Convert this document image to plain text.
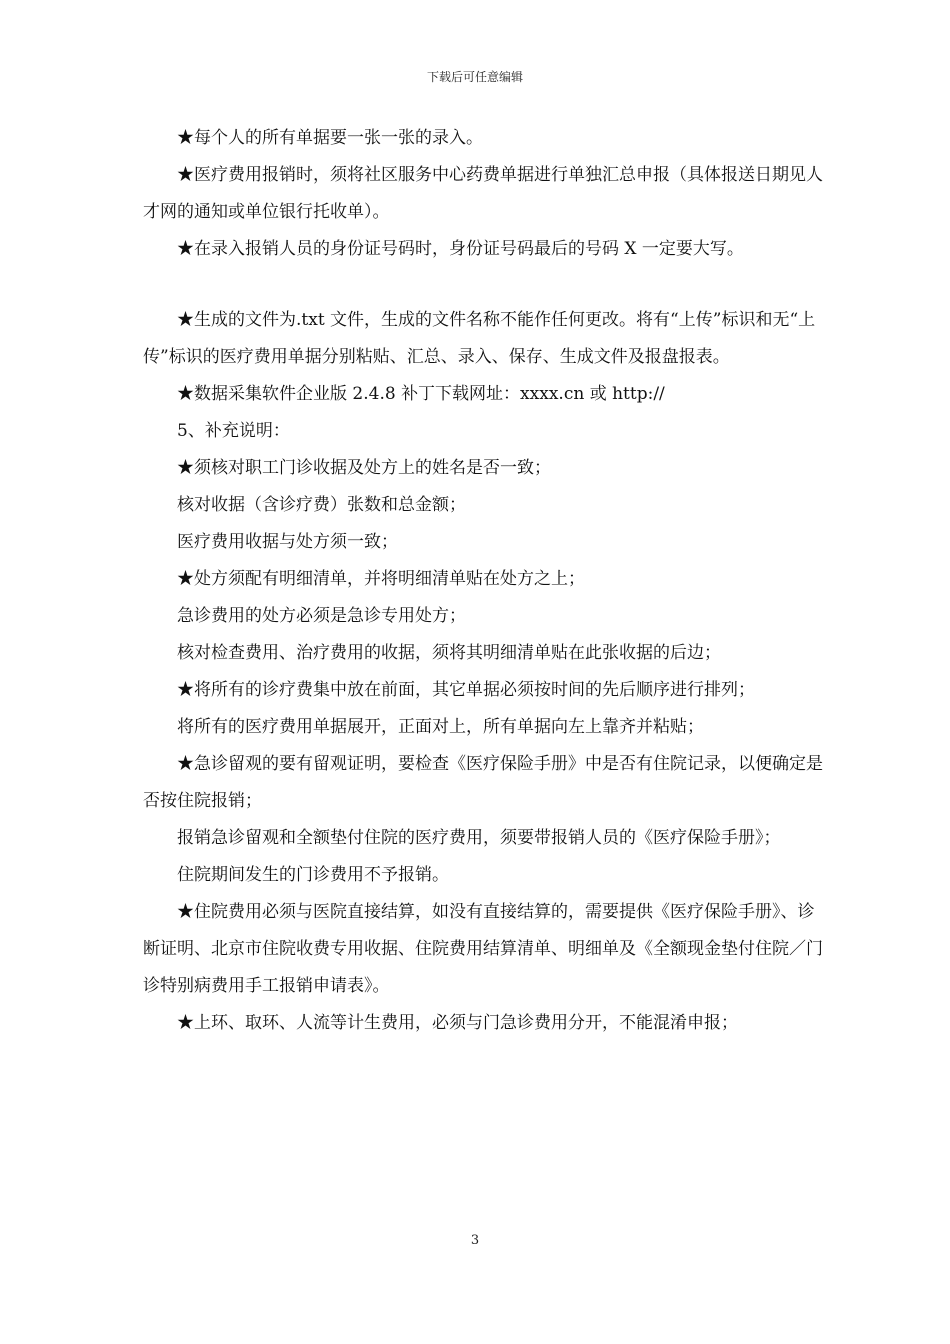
下载后可任意编辑

★每个人的所有单据要一张一张的录入。

★医疗费用报销时，须将社区服务中心药费单据进行单独汇总申报（具体报送日期见人才网的通知或单位银行托收单）。

★在录入报销人员的身份证号码时，身份证号码最后的号码 X 一定要大写。

★生成的文件为.txt 文件，生成的文件名称不能作任何更改。将有“上传”标识和无“上传”标识的医疗费用单据分别粘贴、汇总、录入、保存、生成文件及报盘报表。

★数据采集软件企业版 2.4.8 补丁下载网址：xxxx.cn 或 http://

5、补充说明：

★须核对职工门诊收据及处方上的姓名是否一致；

核对收据（含诊疗费）张数和总金额；

医疗费用收据与处方须一致；

★处方须配有明细清单，并将明细清单贴在处方之上；

急诊费用的处方必须是急诊专用处方；

核对检查费用、治疗费用的收据，须将其明细清单贴在此张收据的后边；

★将所有的诊疗费集中放在前面，其它单据必须按时间的先后顺序进行排列；

将所有的医疗费用单据展开，正面对上，所有单据向左上靠齐并粘贴；

★急诊留观的要有留观证明，要检查《医疗保险手册》中是否有住院记录，以便确定是否按住院报销；

报销急诊留观和全额垫付住院的医疗费用，须要带报销人员的《医疗保险手册》；

住院期间发生的门诊费用不予报销。

★住院费用必须与医院直接结算，如没有直接结算的，需要提供《医疗保险手册》、诊断证明、北京市住院收费专用收据、住院费用结算清单、明细单及《全额现金垫付住院／门诊特别病费用手工报销申请表》。

★上环、取环、人流等计生费用，必须与门急诊费用分开，不能混淆申报；

3
